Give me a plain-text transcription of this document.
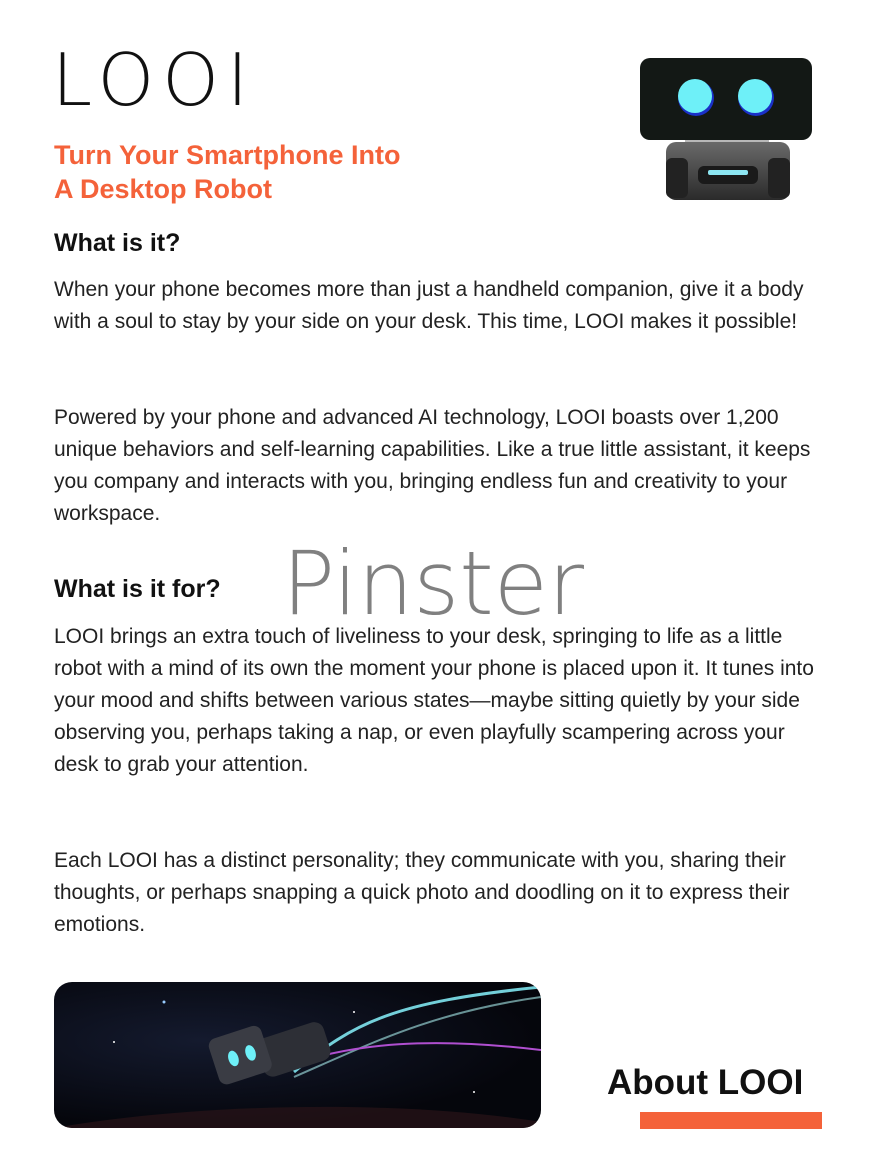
LOOI
Turn Your Smartphone Into
A Desktop Robot
What is it?

When your phone becomes more than just a handheld companion, give it a body with a soul to stay by your side on your desk. This time, LOOI makes it possible!

Powered by your phone and advanced AI technology, LOOI boasts over 1,200 unique behaviors and self-learning capabilities. Like a true little assistant, it keeps you company and interacts with you, bringing endless fun and creativity to your workspace.

What is it for? Pinster

LOOI brings an extra touch of liveliness to your desk, springing to life as a little robot with a mind of its own the moment your phone is placed upon it. It tunes into your mood and shifts between various states—maybe sitting quietly by your side observing you, perhaps taking a nap, or even playfully scampering across your desk to grab your attention.

Each LOOI has a distinct personality; they communicate with you, sharing their thoughts, or perhaps snapping a quick photo and doodling on it to express their emotions.

About LOOI
